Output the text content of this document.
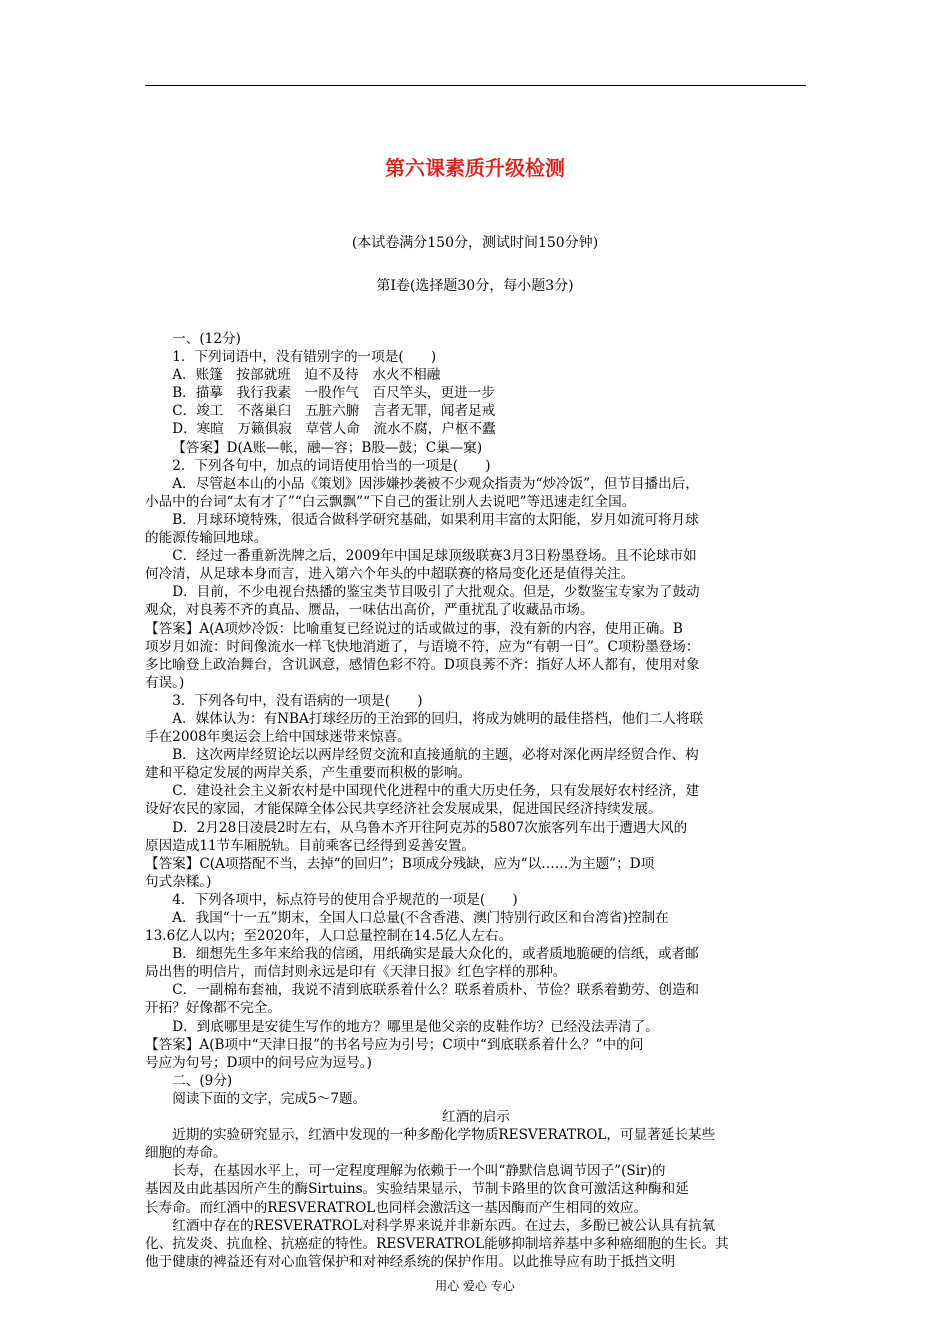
第六课素质升级检测
(本试卷满分150分，测试时间150分钟)
第Ⅰ卷(选择题30分，每小题3分)

一、(12分)

1．下列词语中，没有错别字的一项是(　　)

A．账篷　按部就班　迫不及待　水火不相融

B．描摹　我行我素　一股作气　百尺竿头，更进一步

C．竣工　不落巢臼　五脏六腑　言者无罪，闻者足戒

D．寒暄　万籁俱寂　草菅人命　流水不腐，户枢不蠹

【答案】D(A账—帐，融—容；B股—鼓；C巢—窠)

2．下列各句中，加点的词语使用恰当的一项是(　　)

A．尽管赵本山的小品《策划》因涉嫌抄袭被不少观众指责为“炒冷饭”，但节目播出后，

小品中的台词“太有才了”“白云飘飘”“下自己的蛋让别人去说吧”等迅速走红全国。

B．月球环境特殊，很适合做科学研究基础，如果利用丰富的太阳能，岁月如流可将月球

的能源传输回地球。

C．经过一番重新洗牌之后，2009年中国足球顶级联赛3月3日粉墨登场。且不论球市如

何冷清，从足球本身而言，进入第六个年头的中超联赛的格局变化还是值得关注。

D．目前，不少电视台热播的鉴宝类节目吸引了大批观众。但是，少数鉴宝专家为了鼓动

观众，对良莠不齐的真品、赝品，一味估出高价，严重扰乱了收藏品市场。

【答案】A(A项炒冷饭：比喻重复已经说过的话或做过的事，没有新的内容，使用正确。B

项岁月如流：时间像流水一样飞快地消逝了，与语境不符，应为“有朝一日”。C项粉墨登场：

多比喻登上政治舞台，含讥讽意，感情色彩不符。D项良莠不齐：指好人坏人都有，使用对象

有误。)

3．下列各句中，没有语病的一项是(　　)

A．媒体认为：有NBA打球经历的王治郅的回归，将成为姚明的最佳搭档，他们二人将联

手在2008年奥运会上给中国球迷带来惊喜。

B．这次两岸经贸论坛以两岸经贸交流和直接通航的主题，必将对深化两岸经贸合作、构

建和平稳定发展的两岸关系，产生重要而积极的影响。

C．建设社会主义新农村是中国现代化进程中的重大历史任务，只有发展好农村经济，建

设好农民的家园，才能保障全体公民共享经济社会发展成果，促进国民经济持续发展。

D．2月28日凌晨2时左右，从乌鲁木齐开往阿克苏的5807次旅客列车出于遭遇大风的

原因造成11节车厢脱轨。目前乘客已经得到妥善安置。

【答案】C(A项搭配不当，去掉“的回归”；B项成分残缺，应为“以……为主题”；D项

句式杂糅。)

4．下列各项中，标点符号的使用合乎规范的一项是(　　)

A．我国“十一五”期末，全国人口总量(不含香港、澳门特别行政区和台湾省)控制在

13.6亿人以内；至2020年，人口总量控制在14.5亿人左右。

B．细想先生多年来给我的信函，用纸确实是最大众化的，或者质地脆硬的信纸，或者邮

局出售的明信片，而信封则永远是印有《天津日报》红色字样的那种。

C．一副棉布套袖，我说不清到底联系着什么？联系着质朴、节俭？联系着勤劳、创造和

开拓？好像都不完全。

D．到底哪里是安徒生写作的地方？哪里是他父亲的皮鞋作坊？已经没法弄清了。

【答案】A(B项中“天津日报”的书名号应为引号；C项中“到底联系着什么？”中的问

号应为句号；D项中的问号应为逗号。)

二、(9分)

阅读下面的文字，完成5～7题。

红酒的启示

近期的实验研究显示，红酒中发现的一种多酚化学物质RESVERATROL，可显著延长某些

细胞的寿命。

长寿，在基因水平上，可一定程度理解为依赖于一个叫“静默信息调节因子”(Sir)的

基因及由此基因所产生的酶Sirtuins。实验结果显示，节制卡路里的饮食可激活这种酶和延

长寿命。而红酒中的RESVERATROL也同样会激活这一基因酶而产生相同的效应。

红酒中存在的RESVERATROL对科学界来说并非新东西。在过去，多酚已被公认具有抗氧

化、抗发炎、抗血栓、抗癌症的特性。RESVERATROL能够抑制培养基中多种癌细胞的生长。其

他于健康的裨益还有对心血管保护和对神经系统的保护作用。以此推导应有助于抵挡文明

用心 爱心 专心
